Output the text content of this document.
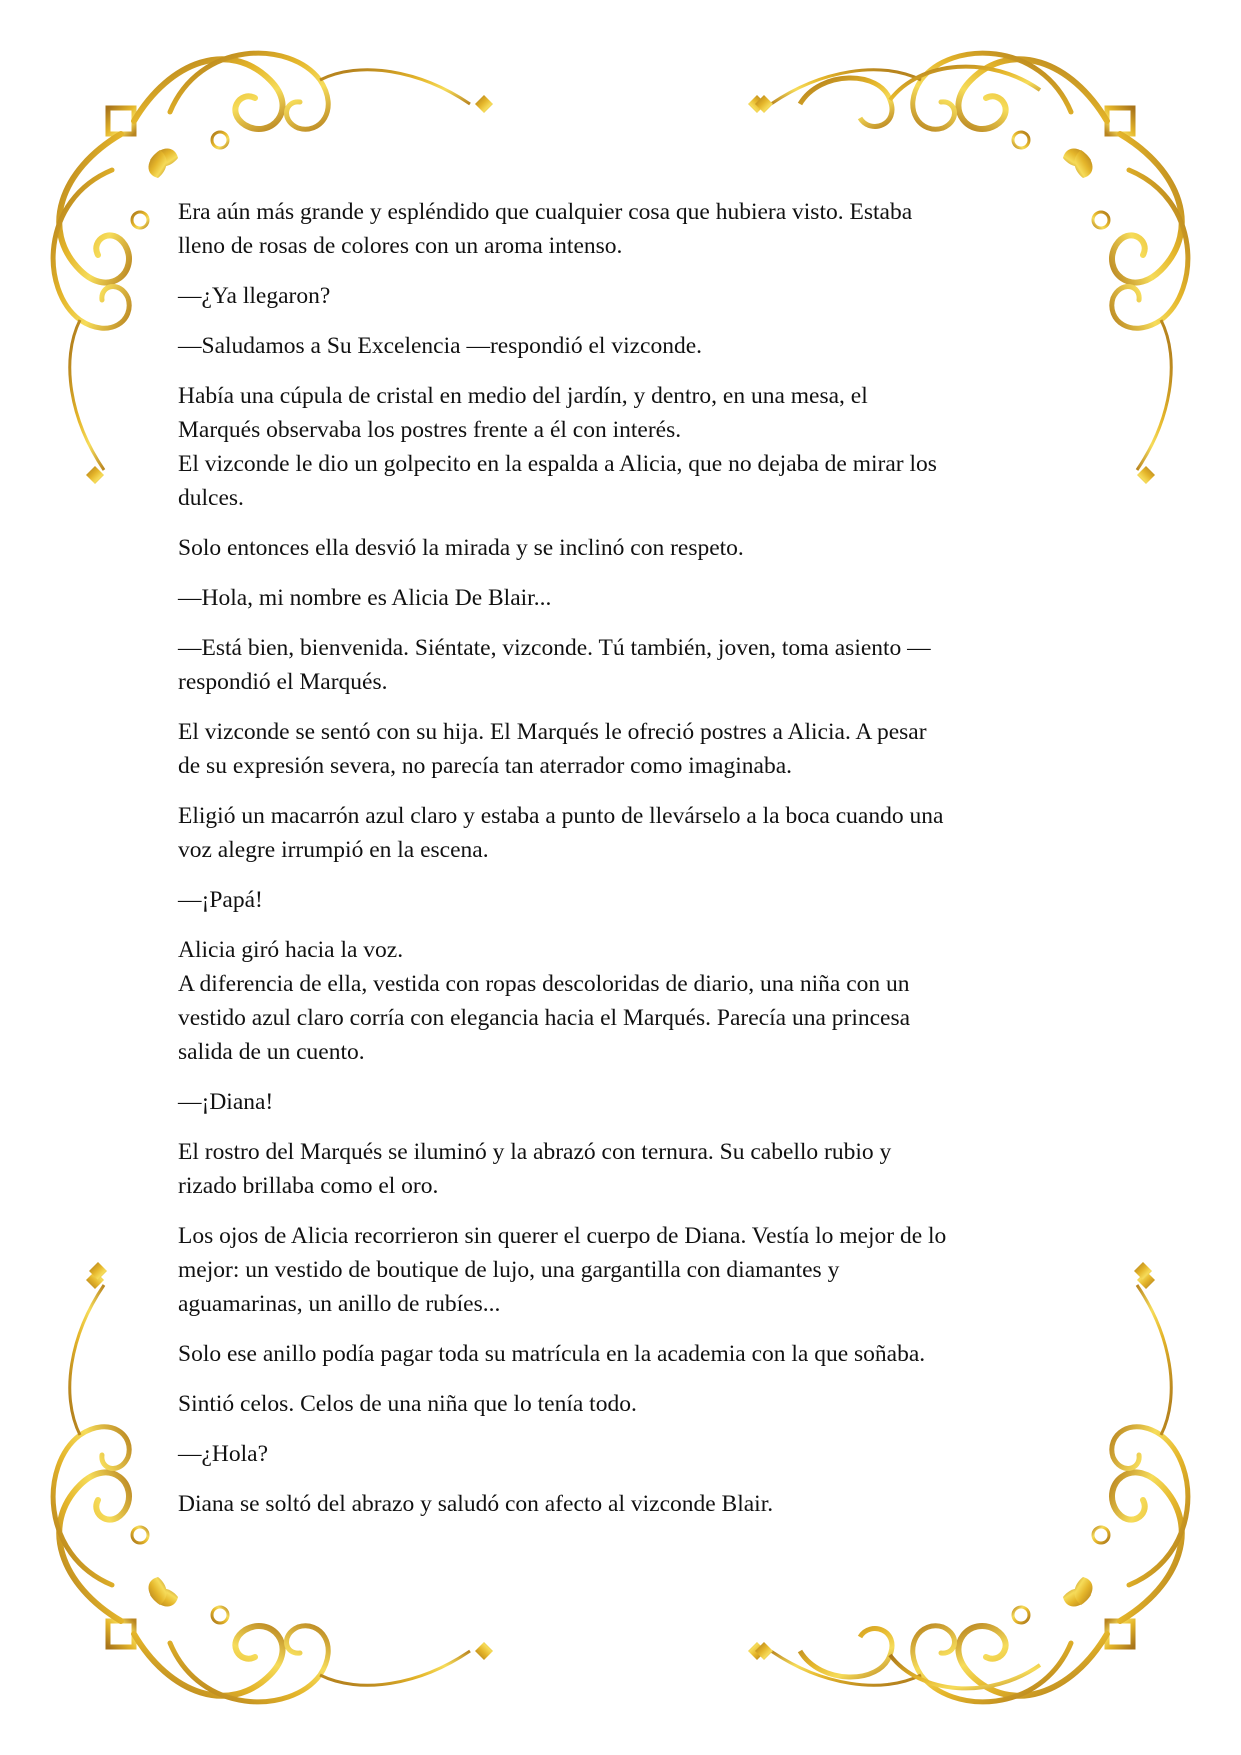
Era aún más grande y espléndido que cualquier cosa que hubiera visto. Estaba
lleno de rosas de colores con un aroma intenso.

—¿Ya llegaron?

—Saludamos a Su Excelencia —respondió el vizconde.

Había una cúpula de cristal en medio del jardín, y dentro, en una mesa, el
Marqués observaba los postres frente a él con interés.
El vizconde le dio un golpecito en la espalda a Alicia, que no dejaba de mirar los
dulces.

Solo entonces ella desvió la mirada y se inclinó con respeto.

—Hola, mi nombre es Alicia De Blair...

—Está bien, bienvenida. Siéntate, vizconde. Tú también, joven, toma asiento —
respondió el Marqués.

El vizconde se sentó con su hija. El Marqués le ofreció postres a Alicia. A pesar
de su expresión severa, no parecía tan aterrador como imaginaba.

Eligió un macarrón azul claro y estaba a punto de llevárselo a la boca cuando una
voz alegre irrumpió en la escena.

—¡Papá!

Alicia giró hacia la voz.
A diferencia de ella, vestida con ropas descoloridas de diario, una niña con un
vestido azul claro corría con elegancia hacia el Marqués. Parecía una princesa
salida de un cuento.

—¡Diana!

El rostro del Marqués se iluminó y la abrazó con ternura. Su cabello rubio y
rizado brillaba como el oro.

Los ojos de Alicia recorrieron sin querer el cuerpo de Diana. Vestía lo mejor de lo
mejor: un vestido de boutique de lujo, una gargantilla con diamantes y
aguamarinas, un anillo de rubíes...

Solo ese anillo podía pagar toda su matrícula en la academia con la que soñaba.

Sintió celos. Celos de una niña que lo tenía todo.

—¿Hola?

Diana se soltó del abrazo y saludó con afecto al vizconde Blair.
